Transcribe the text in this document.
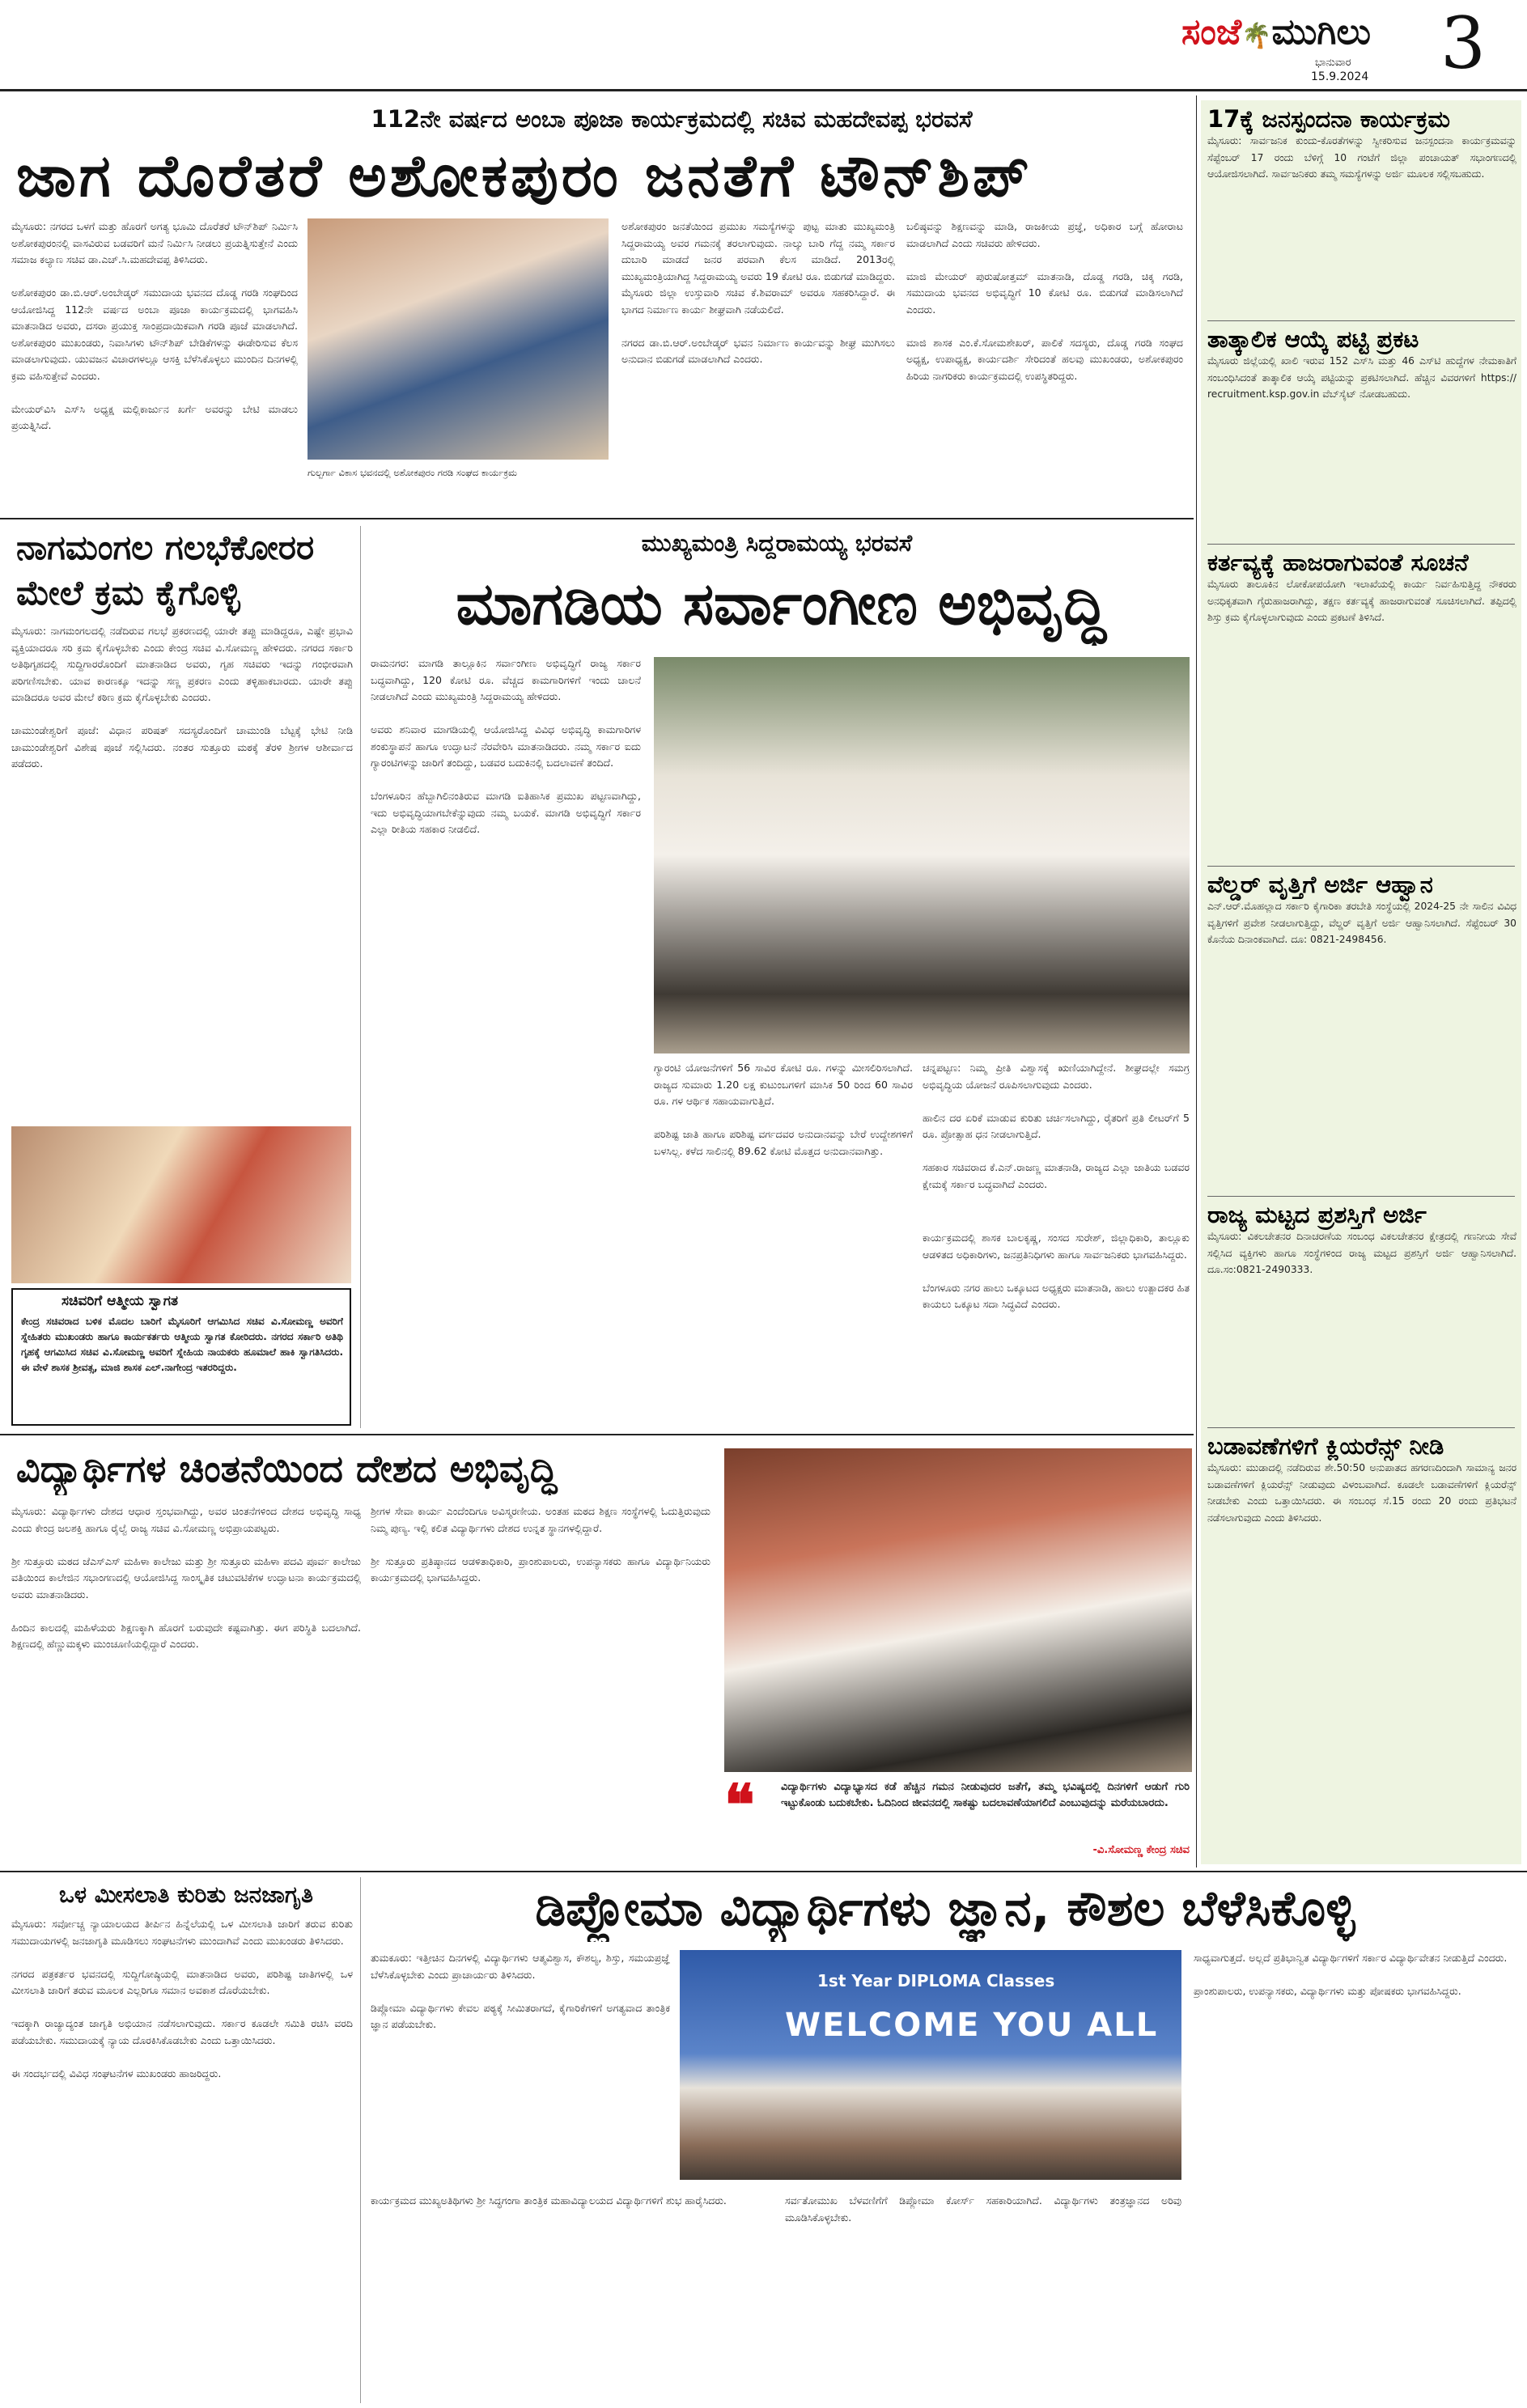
ಸಂಜೆ🌴ಮುಗಿಲು
ಭಾನುವಾರ
15.9.2024 3
112ನೇ ವರ್ಷದ ಅಂಬಾ ಪೂಜಾ ಕಾರ್ಯಕ್ರಮದಲ್ಲಿ ಸಚಿವ ಮಹದೇವಪ್ಪ ಭರವಸೆ
ಜಾಗ ದೊರೆತರೆ ಅಶೋಕಪುರಂ ಜನತೆಗೆ ಟೌನ್‌ಶಿಪ್
ಮೈಸೂರು: ನಗರದ ಒಳಗೆ ಮತ್ತು ಹೊರಗೆ ಅಗತ್ಯ ಭೂಮಿ ದೊರೆತರೆ ಟೌನ್‌ಶಿಪ್ ನಿರ್ಮಿಸಿ ಅಶೋಕಪುರಂನಲ್ಲಿ ವಾಸವಿರುವ ಬಡವರಿಗೆ ಮನೆ ನಿರ್ಮಿಸಿ ನೀಡಲು ಪ್ರಯತ್ನಿಸುತ್ತೇನೆ ಎಂದು ಸಮಾಜ ಕಲ್ಯಾಣ ಸಚಿವ ಡಾ.ಎಚ್.ಸಿ.ಮಹದೇವಪ್ಪ ತಿಳಿಸಿದರು.

ಅಶೋಕಪುರಂ ಡಾ.ಬಿ.ಆರ್.ಅಂಬೇಡ್ಕರ್ ಸಮುದಾಯ ಭವನದ ದೊಡ್ಡ ಗರಡಿ ಸಂಘದಿಂದ ಆಯೋಜಿಸಿದ್ದ 112ನೇ ವರ್ಷದ ಅಂಬಾ ಪೂಜಾ ಕಾರ್ಯಕ್ರಮದಲ್ಲಿ ಭಾಗವಹಿಸಿ ಮಾತನಾಡಿದ ಅವರು, ದಸರಾ ಪ್ರಯುಕ್ತ ಸಾಂಪ್ರದಾಯಿಕವಾಗಿ ಗರಡಿ ಪೂಜೆ ಮಾಡಲಾಗಿದೆ. ಅಶೋಕಪುರಂ ಮುಖಂಡರು, ನಿವಾಸಿಗಳು ಟೌನ್‌ಶಿಪ್ ಬೇಡಿಕೆಗಳನ್ನು ಈಡೇರಿಸುವ ಕೆಲಸ ಮಾಡಲಾಗುವುದು. ಯುವಜನ ವಿಚಾರಗಳಲ್ಲೂ ಆಸಕ್ತಿ ಬೆಳೆಸಿಕೊಳ್ಳಲು ಮುಂದಿನ ದಿನಗಳಲ್ಲಿ ಕ್ರಮ ವಹಿಸುತ್ತೇವೆ ಎಂದರು.

ಮೇಯರ್‌ವಿಸಿ ಎಸ್‌ಸಿ ಅಧ್ಯಕ್ಷ ಮಲ್ಲಿಕಾರ್ಜುನ ಖರ್ಗೆ ಅವರನ್ನು ಬೇಟಿ ಮಾಡಲು ಪ್ರಯತ್ನಿಸಿದೆ.
ಗುಲ್ಬರ್ಗಾ ವಿಕಾಸ ಭವನದಲ್ಲಿ ಅಶೋಕಪುರಂ ಗರಡಿ ಸಂಘದ ಕಾರ್ಯಕ್ರಮ
ಅಶೋಕಪುರಂ ಜನತೆಯಿಂದ ಪ್ರಮುಖ ಸಮಸ್ಯೆಗಳನ್ನು ಪುಟ್ಟ ಮಾತು ಮುಖ್ಯಮಂತ್ರಿ ಸಿದ್ದರಾಮಯ್ಯ ಅವರ ಗಮನಕ್ಕೆ ತರಲಾಗುವುದು. ನಾಲ್ಕು ಬಾರಿ ಗೆದ್ದ ನಮ್ಮ ಸರ್ಕಾರ ದುಬಾರಿ ಮಾಡದೆ ಜನರ ಪರವಾಗಿ ಕೆಲಸ ಮಾಡಿದೆ. 2013ರಲ್ಲಿ ಮುಖ್ಯಮಂತ್ರಿಯಾಗಿದ್ದ ಸಿದ್ದರಾಮಯ್ಯ ಅವರು 19 ಕೋಟಿ ರೂ. ಬಿಡುಗಡೆ ಮಾಡಿದ್ದರು. ಮೈಸೂರು ಜಿಲ್ಲಾ ಉಸ್ತುವಾರಿ ಸಚಿವ ಕೆ.ಶಿವರಾಮ್ ಅವರೂ ಸಹಕರಿಸಿದ್ದಾರೆ. ಈ ಭಾಗದ ನಿರ್ಮಾಣ ಕಾರ್ಯ ಶೀಘ್ರವಾಗಿ ನಡೆಯಲಿದೆ.

ನಗರದ ಡಾ.ಬಿ.ಆರ್.ಅಂಬೇಡ್ಕರ್ ಭವನ ನಿರ್ಮಾಣ ಕಾರ್ಯವನ್ನು ಶೀಘ್ರ ಮುಗಿಸಲು ಅನುದಾನ ಬಿಡುಗಡೆ ಮಾಡಲಾಗಿದೆ ಎಂದರು.
ಬಲಿಷ್ಠವನ್ನು ಶಿಕ್ಷಣವನ್ನು ಮಾಡಿ, ರಾಜಕೀಯ ಪ್ರಜ್ಞೆ, ಅಧಿಕಾರ ಬಗ್ಗೆ ಹೋರಾಟ ಮಾಡಲಾಗಿದೆ ಎಂದು ಸಚಿವರು ಹೇಳಿದರು.

ಮಾಜಿ ಮೇಯರ್ ಪುರುಷೋತ್ತಮ್ ಮಾತನಾಡಿ, ದೊಡ್ಡ ಗರಡಿ, ಚಿಕ್ಕ ಗರಡಿ, ಸಮುದಾಯ ಭವನದ ಅಭಿವೃದ್ಧಿಗೆ 10 ಕೋಟಿ ರೂ. ಬಿಡುಗಡೆ ಮಾಡಿಸಲಾಗಿದೆ ಎಂದರು.

ಮಾಜಿ ಶಾಸಕ ಎಂ.ಕೆ.ಸೋಮಶೇಖರ್, ಪಾಲಿಕೆ ಸದಸ್ಯರು, ದೊಡ್ಡ ಗರಡಿ ಸಂಘದ ಅಧ್ಯಕ್ಷ, ಉಪಾಧ್ಯಕ್ಷ, ಕಾರ್ಯದರ್ಶಿ ಸೇರಿದಂತೆ ಹಲವು ಮುಖಂಡರು, ಅಶೋಕಪುರಂ ಹಿರಿಯ ನಾಗರಿಕರು ಕಾರ್ಯಕ್ರಮದಲ್ಲಿ ಉಪಸ್ಥಿತರಿದ್ದರು.
ನಾಗಮಂಗಲ ಗಲಭೆಕೋರರ
ಮೇಲೆ ಕ್ರಮ ಕೈಗೊಳ್ಳಿ
ಮೈಸೂರು: ನಾಗಮಂಗಲದಲ್ಲಿ ನಡೆದಿರುವ ಗಲಭೆ ಪ್ರಕರಣದಲ್ಲಿ ಯಾರೇ ತಪ್ಪು ಮಾಡಿದ್ದರೂ, ಎಷ್ಟೇ ಪ್ರಭಾವಿ ವ್ಯಕ್ತಿಯಾದರೂ ಸರಿ ಕ್ರಮ ಕೈಗೊಳ್ಳಬೇಕು ಎಂದು ಕೇಂದ್ರ ಸಚಿವ ವಿ.ಸೋಮಣ್ಣ ಹೇಳಿದರು. ನಗರದ ಸರ್ಕಾರಿ ಅತಿಥಿಗೃಹದಲ್ಲಿ ಸುದ್ದಿಗಾರರೊಂದಿಗೆ ಮಾತನಾಡಿದ ಅವರು, ಗೃಹ ಸಚಿವರು ಇದನ್ನು ಗಂಭೀರವಾಗಿ ಪರಿಗಣಿಸಬೇಕು. ಯಾವ ಕಾರಣಕ್ಕೂ ಇದನ್ನು ಸಣ್ಣ ಪ್ರಕರಣ ಎಂದು ತಳ್ಳಿಹಾಕಬಾರದು. ಯಾರೇ ತಪ್ಪು ಮಾಡಿದರೂ ಅವರ ಮೇಲೆ ಕಠಿಣ ಕ್ರಮ ಕೈಗೊಳ್ಳಬೇಕು ಎಂದರು.

ಚಾಮುಂಡೇಶ್ವರಿಗೆ ಪೂಜೆ: ವಿಧಾನ ಪರಿಷತ್ ಸದಸ್ಯರೊಂದಿಗೆ ಚಾಮುಂಡಿ ಬೆಟ್ಟಕ್ಕೆ ಭೇಟಿ ನೀಡಿ ಚಾಮುಂಡೇಶ್ವರಿಗೆ ವಿಶೇಷ ಪೂಜೆ ಸಲ್ಲಿಸಿದರು. ನಂತರ ಸುತ್ತೂರು ಮಠಕ್ಕೆ ತೆರಳಿ ಶ್ರೀಗಳ ಆಶೀರ್ವಾದ ಪಡೆದರು.
ಸಚಿವರಿಗೆ ಆತ್ಮೀಯ ಸ್ವಾಗತ
ಕೇಂದ್ರ ಸಚಿವರಾದ ಬಳಿಕ ಮೊದಲ ಬಾರಿಗೆ ಮೈಸೂರಿಗೆ ಆಗಮಿಸಿದ ಸಚಿವ ವಿ.ಸೋಮಣ್ಣ ಅವರಿಗೆ ಸ್ನೇಹಿತರು ಮುಖಂಡರು ಹಾಗೂ ಕಾರ್ಯಕರ್ತರು ಆತ್ಮೀಯ ಸ್ವಾಗತ ಕೋರಿದರು. ನಗರದ ಸರ್ಕಾರಿ ಅತಿಥಿ ಗೃಹಕ್ಕೆ ಆಗಮಿಸಿದ ಸಚಿವ ವಿ.ಸೋಮಣ್ಣ ಅವರಿಗೆ ಸ್ನೇಹಿಯ ನಾಯಕರು ಹೂಮಾಲೆ ಹಾಕಿ ಸ್ವಾಗತಿಸಿದರು. ಈ ವೇಳೆ ಶಾಸಕ ಶ್ರೀವತ್ಸ, ಮಾಜಿ ಶಾಸಕ ಎಲ್.ನಾಗೇಂದ್ರ ಇತರರಿದ್ದರು.
ಮುಖ್ಯಮಂತ್ರಿ ಸಿದ್ದರಾಮಯ್ಯ ಭರವಸೆ
ಮಾಗಡಿಯ ಸರ್ವಾಂಗೀಣ ಅಭಿವೃದ್ಧಿ
ರಾಮನಗರ: ಮಾಗಡಿ ತಾಲ್ಲೂಕಿನ ಸರ್ವಾಂಗೀಣ ಅಭಿವೃದ್ಧಿಗೆ ರಾಜ್ಯ ಸರ್ಕಾರ ಬದ್ಧವಾಗಿದ್ದು, 120 ಕೋಟಿ ರೂ. ವೆಚ್ಚದ ಕಾಮಗಾರಿಗಳಿಗೆ ಇಂದು ಚಾಲನೆ ನೀಡಲಾಗಿದೆ ಎಂದು ಮುಖ್ಯಮಂತ್ರಿ ಸಿದ್ದರಾಮಯ್ಯ ಹೇಳಿದರು.

ಅವರು ಶನಿವಾರ ಮಾಗಡಿಯಲ್ಲಿ ಆಯೋಜಿಸಿದ್ದ ವಿವಿಧ ಅಭಿವೃದ್ಧಿ ಕಾಮಗಾರಿಗಳ ಶಂಕುಸ್ಥಾಪನೆ ಹಾಗೂ ಉದ್ಘಾಟನೆ ನೆರವೇರಿಸಿ ಮಾತನಾಡಿದರು. ನಮ್ಮ ಸರ್ಕಾರ ಐದು ಗ್ಯಾರಂಟಿಗಳನ್ನು ಜಾರಿಗೆ ತಂದಿದ್ದು, ಬಡವರ ಬದುಕಿನಲ್ಲಿ ಬದಲಾವಣೆ ತಂದಿದೆ.

ಬೆಂಗಳೂರಿನ ಹೆಬ್ಬಾಗಿಲಿನಂತಿರುವ ಮಾಗಡಿ ಐತಿಹಾಸಿಕ ಪ್ರಮುಖ ಪಟ್ಟಣವಾಗಿದ್ದು, ಇದು ಅಭಿವೃದ್ಧಿಯಾಗಬೇಕೆನ್ನುವುದು ನಮ್ಮ ಬಯಕೆ. ಮಾಗಡಿ ಅಭಿವೃದ್ಧಿಗೆ ಸರ್ಕಾರ ಎಲ್ಲಾ ರೀತಿಯ ಸಹಕಾರ ನೀಡಲಿದೆ.
ಗ್ಯಾರಂಟಿ ಯೋಜನೆಗಳಿಗೆ 56 ಸಾವಿರ ಕೋಟಿ ರೂ. ಗಳನ್ನು ಮೀಸಲಿರಿಸಲಾಗಿದೆ. ರಾಜ್ಯದ ಸುಮಾರು 1.20 ಲಕ್ಷ ಕುಟುಂಬಗಳಿಗೆ ಮಾಸಿಕ 50 ರಿಂದ 60 ಸಾವಿರ ರೂ. ಗಳ ಆರ್ಥಿಕ ಸಹಾಯವಾಗುತ್ತಿದೆ.

ಪರಿಶಿಷ್ಟ ಜಾತಿ ಹಾಗೂ ಪರಿಶಿಷ್ಟ ವರ್ಗದವರ ಅನುದಾನವನ್ನು ಬೇರೆ ಉದ್ದೇಶಗಳಿಗೆ ಬಳಸಿಲ್ಲ. ಕಳೆದ ಸಾಲಿನಲ್ಲಿ 89.62 ಕೋಟಿ ಮೊತ್ತದ ಅನುದಾನವಾಗಿತ್ತು.
ಚನ್ನಪಟ್ಟಣ: ನಿಮ್ಮ ಪ್ರೀತಿ ವಿಶ್ವಾಸಕ್ಕೆ ಋಣಿಯಾಗಿದ್ದೇನೆ. ಶೀಘ್ರದಲ್ಲೇ ಸಮಗ್ರ ಅಭಿವೃದ್ಧಿಯ ಯೋಜನೆ ರೂಪಿಸಲಾಗುವುದು ಎಂದರು.

ಹಾಲಿನ ದರ ಏರಿಕೆ ಮಾಡುವ ಕುರಿತು ಚರ್ಚಿಸಲಾಗಿದ್ದು, ರೈತರಿಗೆ ಪ್ರತಿ ಲೀಟರ್‌ಗೆ 5 ರೂ. ಪ್ರೋತ್ಸಾಹ ಧನ ನೀಡಲಾಗುತ್ತಿದೆ.

ಸಹಕಾರ ಸಚಿವರಾದ ಕೆ.ಎನ್.ರಾಜಣ್ಣ ಮಾತನಾಡಿ, ರಾಜ್ಯದ ಎಲ್ಲಾ ಜಾತಿಯ ಬಡವರ ಕ್ಷೇಮಕ್ಕೆ ಸರ್ಕಾರ ಬದ್ಧವಾಗಿದೆ ಎಂದರು.
ಕಾರ್ಯಕ್ರಮದಲ್ಲಿ ಶಾಸಕ ಬಾಲಕೃಷ್ಣ, ಸಂಸದ ಸುರೇಶ್, ಜಿಲ್ಲಾಧಿಕಾರಿ, ತಾಲ್ಲೂಕು ಆಡಳಿತದ ಅಧಿಕಾರಿಗಳು, ಜನಪ್ರತಿನಿಧಿಗಳು ಹಾಗೂ ಸಾರ್ವಜನಿಕರು ಭಾಗವಹಿಸಿದ್ದರು.

ಬೆಂಗಳೂರು ನಗರ ಹಾಲು ಒಕ್ಕೂಟದ ಅಧ್ಯಕ್ಷರು ಮಾತನಾಡಿ, ಹಾಲು ಉತ್ಪಾದಕರ ಹಿತ ಕಾಯಲು ಒಕ್ಕೂಟ ಸದಾ ಸಿದ್ಧವಿದೆ ಎಂದರು.
ವಿದ್ಯಾರ್ಥಿಗಳ ಚಿಂತನೆಯಿಂದ ದೇಶದ ಅಭಿವೃದ್ಧಿ
ಮೈಸೂರು: ವಿದ್ಯಾರ್ಥಿಗಳು ದೇಶದ ಆಧಾರ ಸ್ತಂಭವಾಗಿದ್ದು, ಅವರ ಚಿಂತನೆಗಳಿಂದ ದೇಶದ ಅಭಿವೃದ್ಧಿ ಸಾಧ್ಯ ಎಂದು ಕೇಂದ್ರ ಜಲಶಕ್ತಿ ಹಾಗೂ ರೈಲ್ವೆ ರಾಜ್ಯ ಸಚಿವ ವಿ.ಸೋಮಣ್ಣ ಅಭಿಪ್ರಾಯಪಟ್ಟರು.

ಶ್ರೀ ಸುತ್ತೂರು ಮಠದ ಜೆಎಸ್‌ಎಸ್ ಮಹಿಳಾ ಕಾಲೇಜು ಮತ್ತು ಶ್ರೀ ಸುತ್ತೂರು ಮಹಿಳಾ ಪದವಿ ಪೂರ್ವ ಕಾಲೇಜು ವತಿಯಿಂದ ಕಾಲೇಜಿನ ಸಭಾಂಗಣದಲ್ಲಿ ಆಯೋಜಿಸಿದ್ದ ಸಾಂಸ್ಕೃತಿಕ ಚಟುವಟಿಕೆಗಳ ಉದ್ಘಾಟನಾ ಕಾರ್ಯಕ್ರಮದಲ್ಲಿ ಅವರು ಮಾತನಾಡಿದರು.

ಹಿಂದಿನ ಕಾಲದಲ್ಲಿ ಮಹಿಳೆಯರು ಶಿಕ್ಷಣಕ್ಕಾಗಿ ಹೊರಗೆ ಬರುವುದೇ ಕಷ್ಟವಾಗಿತ್ತು. ಈಗ ಪರಿಸ್ಥಿತಿ ಬದಲಾಗಿದೆ. ಶಿಕ್ಷಣದಲ್ಲಿ ಹೆಣ್ಣುಮಕ್ಕಳು ಮುಂಚೂಣಿಯಲ್ಲಿದ್ದಾರೆ ಎಂದರು.
ಶ್ರೀಗಳ ಸೇವಾ ಕಾರ್ಯ ಎಂದೆಂದಿಗೂ ಅವಿಸ್ಮರಣೀಯ. ಅಂತಹ ಮಠದ ಶಿಕ್ಷಣ ಸಂಸ್ಥೆಗಳಲ್ಲಿ ಓದುತ್ತಿರುವುದು ನಿಮ್ಮ ಪುಣ್ಯ. ಇಲ್ಲಿ ಕಲಿತ ವಿದ್ಯಾರ್ಥಿಗಳು ದೇಶದ ಉನ್ನತ ಸ್ಥಾನಗಳಲ್ಲಿದ್ದಾರೆ.

ಶ್ರೀ ಸುತ್ತೂರು ಪ್ರತಿಷ್ಠಾನದ ಆಡಳಿತಾಧಿಕಾರಿ, ಪ್ರಾಂಶುಪಾಲರು, ಉಪನ್ಯಾಸಕರು ಹಾಗೂ ವಿದ್ಯಾರ್ಥಿನಿಯರು ಕಾರ್ಯಕ್ರಮದಲ್ಲಿ ಭಾಗವಹಿಸಿದ್ದರು.
❝ ವಿದ್ಯಾರ್ಥಿಗಳು ವಿದ್ಯಾಭ್ಯಾಸದ ಕಡೆ ಹೆಚ್ಚಿನ ಗಮನ ನೀಡುವುದರ ಜತೆಗೆ, ತಮ್ಮ ಭವಿಷ್ಯದಲ್ಲಿ ದಿನಗಳಿಗೆ ಆಡುಗೆ ಗುರಿ ಇಟ್ಟುಕೊಂಡು ಬದುಕಬೇಕು. ಓದಿನಿಂದ ಜೀವನದಲ್ಲಿ ಸಾಕಷ್ಟು ಬದಲಾವಣೆಯಾಗಲಿದೆ ಎಂಬುವುದನ್ನು ಮರೆಯಬಾರದು.
-ವಿ.ಸೋಮಣ್ಣ ಕೇಂದ್ರ ಸಚಿವ
ಒಳ ಮೀಸಲಾತಿ ಕುರಿತು ಜನಜಾಗೃತಿ
ಮೈಸೂರು: ಸರ್ವೋಚ್ಚ ನ್ಯಾಯಾಲಯದ ತೀರ್ಪಿನ ಹಿನ್ನೆಲೆಯಲ್ಲಿ ಒಳ ಮೀಸಲಾತಿ ಜಾರಿಗೆ ತರುವ ಕುರಿತು ಸಮುದಾಯಗಳಲ್ಲಿ ಜನಜಾಗೃತಿ ಮೂಡಿಸಲು ಸಂಘಟನೆಗಳು ಮುಂದಾಗಿವೆ ಎಂದು ಮುಖಂಡರು ತಿಳಿಸಿದರು.

ನಗರದ ಪತ್ರಕರ್ತರ ಭವನದಲ್ಲಿ ಸುದ್ದಿಗೋಷ್ಠಿಯಲ್ಲಿ ಮಾತನಾಡಿದ ಅವರು, ಪರಿಶಿಷ್ಟ ಜಾತಿಗಳಲ್ಲಿ ಒಳ ಮೀಸಲಾತಿ ಜಾರಿಗೆ ತರುವ ಮೂಲಕ ಎಲ್ಲರಿಗೂ ಸಮಾನ ಅವಕಾಶ ದೊರೆಯಬೇಕು.

ಇದಕ್ಕಾಗಿ ರಾಜ್ಯಾದ್ಯಂತ ಜಾಗೃತಿ ಅಭಿಯಾನ ನಡೆಸಲಾಗುವುದು. ಸರ್ಕಾರ ಕೂಡಲೇ ಸಮಿತಿ ರಚಿಸಿ ವರದಿ ಪಡೆಯಬೇಕು. ಸಮುದಾಯಕ್ಕೆ ನ್ಯಾಯ ದೊರಕಿಸಿಕೊಡಬೇಕು ಎಂದು ಒತ್ತಾಯಿಸಿದರು.

ಈ ಸಂದರ್ಭದಲ್ಲಿ ವಿವಿಧ ಸಂಘಟನೆಗಳ ಮುಖಂಡರು ಹಾಜರಿದ್ದರು.
ಡಿಪ್ಲೋಮಾ ವಿದ್ಯಾರ್ಥಿಗಳು ಜ್ಞಾನ, ಕೌಶಲ ಬೆಳೆಸಿಕೊಳ್ಳಿ
ತುಮಕೂರು: ಇತ್ತೀಚಿನ ದಿನಗಳಲ್ಲಿ ವಿದ್ಯಾರ್ಥಿಗಳು ಆತ್ಮವಿಶ್ವಾಸ, ಕೌಶಲ್ಯ, ಶಿಸ್ತು, ಸಮಯಪ್ರಜ್ಞೆ ಬೆಳೆಸಿಕೊಳ್ಳಬೇಕು ಎಂದು ಪ್ರಾಚಾರ್ಯರು ತಿಳಿಸಿದರು.

ಡಿಪ್ಲೋಮಾ ವಿದ್ಯಾರ್ಥಿಗಳು ಕೇವಲ ಪಠ್ಯಕ್ಕೆ ಸೀಮಿತರಾಗದೆ, ಕೈಗಾರಿಕೆಗಳಿಗೆ ಅಗತ್ಯವಾದ ತಾಂತ್ರಿಕ ಜ್ಞಾನ ಪಡೆಯಬೇಕು.
1st Year DIPLOMA Classes
WELCOME YOU ALL
ಸಾಧ್ಯವಾಗುತ್ತದೆ. ಅಲ್ಲದೆ ಪ್ರತಿಭಾನ್ವಿತ ವಿದ್ಯಾರ್ಥಿಗಳಿಗೆ ಸರ್ಕಾರ ವಿದ್ಯಾರ್ಥಿವೇತನ ನೀಡುತ್ತಿದೆ ಎಂದರು.

ಪ್ರಾಂಶುಪಾಲರು, ಉಪನ್ಯಾಸಕರು, ವಿದ್ಯಾರ್ಥಿಗಳು ಮತ್ತು ಪೋಷಕರು ಭಾಗವಹಿಸಿದ್ದರು.
ಕಾರ್ಯಕ್ರಮದ ಮುಖ್ಯಅತಿಥಿಗಳು ಶ್ರೀ ಸಿದ್ಧಗಂಗಾ ತಾಂತ್ರಿಕ ಮಹಾವಿದ್ಯಾಲಯದ ವಿದ್ಯಾರ್ಥಿಗಳಿಗೆ ಶುಭ ಹಾರೈಸಿದರು.	ಸರ್ವತೋಮುಖ ಬೆಳವಣಿಗೆಗೆ ಡಿಪ್ಲೋಮಾ ಕೋರ್ಸ್ ಸಹಕಾರಿಯಾಗಿದೆ. ವಿದ್ಯಾರ್ಥಿಗಳು ತಂತ್ರಜ್ಞಾನದ ಅರಿವು ಮೂಡಿಸಿಕೊಳ್ಳಬೇಕು.
17ಕ್ಕೆ ಜನಸ್ಪಂದನಾ ಕಾರ್ಯಕ್ರಮ
ಮೈಸೂರು: ಸಾರ್ವಜನಿಕ ಕುಂದು-ಕೊರತೆಗಳನ್ನು ಸ್ವೀಕರಿಸುವ ಜನಸ್ಪಂದನಾ ಕಾರ್ಯಕ್ರಮವನ್ನು ಸೆಪ್ಟೆಂಬರ್ 17 ರಂದು ಬೆಳಿಗ್ಗೆ 10 ಗಂಟೆಗೆ ಜಿಲ್ಲಾ ಪಂಚಾಯತ್ ಸಭಾಂಗಣದಲ್ಲಿ ಆಯೋಜಿಸಲಾಗಿದೆ. ಸಾರ್ವಜನಿಕರು ತಮ್ಮ ಸಮಸ್ಯೆಗಳನ್ನು ಅರ್ಜಿ ಮೂಲಕ ಸಲ್ಲಿಸಬಹುದು.
ತಾತ್ಕಾಲಿಕ ಆಯ್ಕೆ ಪಟ್ಟಿ ಪ್ರಕಟ
ಮೈಸೂರು ಜಿಲ್ಲೆಯಲ್ಲಿ ಖಾಲಿ ಇರುವ 152 ಎಸ್‌ಸಿ ಮತ್ತು 46 ಎಸ್‌ಟಿ ಹುದ್ದೆಗಳ ನೇಮಕಾತಿಗೆ ಸಂಬಂಧಿಸಿದಂತೆ ತಾತ್ಕಾಲಿಕ ಆಯ್ಕೆ ಪಟ್ಟಿಯನ್ನು ಪ್ರಕಟಿಸಲಾಗಿದೆ. ಹೆಚ್ಚಿನ ವಿವರಗಳಿಗೆ https:// recruitment.ksp.gov.in ವೆಬ್‌ಸೈಟ್ ನೋಡಬಹುದು.
ಕರ್ತವ್ಯಕ್ಕೆ ಹಾಜರಾಗುವಂತೆ ಸೂಚನೆ
ಮೈಸೂರು ತಾಲೂಕಿನ ಲೋಕೋಪಯೋಗಿ ಇಲಾಖೆಯಲ್ಲಿ ಕಾರ್ಯ ನಿರ್ವಹಿಸುತ್ತಿದ್ದ ನೌಕರರು ಅನಧಿಕೃತವಾಗಿ ಗೈರುಹಾಜರಾಗಿದ್ದು, ತಕ್ಷಣ ಕರ್ತವ್ಯಕ್ಕೆ ಹಾಜರಾಗುವಂತೆ ಸೂಚಿಸಲಾಗಿದೆ. ತಪ್ಪಿದಲ್ಲಿ ಶಿಸ್ತು ಕ್ರಮ ಕೈಗೊಳ್ಳಲಾಗುವುದು ಎಂದು ಪ್ರಕಟಣೆ ತಿಳಿಸಿದೆ.
ವೆಲ್ಡರ್ ವೃತ್ತಿಗೆ ಅರ್ಜಿ ಆಹ್ವಾನ
ಎನ್.ಆರ್.ಮೊಹಲ್ಲಾದ ಸರ್ಕಾರಿ ಕೈಗಾರಿಕಾ ತರಬೇತಿ ಸಂಸ್ಥೆಯಲ್ಲಿ 2024-25 ನೇ ಸಾಲಿನ ವಿವಿಧ ವೃತ್ತಿಗಳಿಗೆ ಪ್ರವೇಶ ನೀಡಲಾಗುತ್ತಿದ್ದು, ವೆಲ್ಡರ್ ವೃತ್ತಿಗೆ ಅರ್ಜಿ ಆಹ್ವಾನಿಸಲಾಗಿದೆ. ಸೆಪ್ಟೆಂಬರ್ 30 ಕೊನೆಯ ದಿನಾಂಕವಾಗಿದೆ. ದೂ: 0821-2498456.
ರಾಜ್ಯ ಮಟ್ಟದ ಪ್ರಶಸ್ತಿಗೆ ಅರ್ಜಿ
ಮೈಸೂರು: ವಿಕಲಚೇತನರ ದಿನಾಚರಣೆಯ ಸಂಬಂಧ ವಿಕಲಚೇತನರ ಕ್ಷೇತ್ರದಲ್ಲಿ ಗಣನೀಯ ಸೇವೆ ಸಲ್ಲಿಸಿದ ವ್ಯಕ್ತಿಗಳು ಹಾಗೂ ಸಂಸ್ಥೆಗಳಿಂದ ರಾಜ್ಯ ಮಟ್ಟದ ಪ್ರಶಸ್ತಿಗೆ ಅರ್ಜಿ ಆಹ್ವಾನಿಸಲಾಗಿದೆ. ದೂ.ಸಂ:0821-2490333.
ಬಡಾವಣೆಗಳಿಗೆ ಕ್ಲಿಯರೆನ್ಸ್ ನೀಡಿ
ಮೈಸೂರು: ಮುಡಾದಲ್ಲಿ ನಡೆದಿರುವ ಶೇ.50:50 ಅನುಪಾತದ ಹಗರಣದಿಂದಾಗಿ ಸಾಮಾನ್ಯ ಜನರ ಬಡಾವಣೆಗಳಿಗೆ ಕ್ಲಿಯರೆನ್ಸ್ ನೀಡುವುದು ವಿಳಂಬವಾಗಿದೆ. ಕೂಡಲೇ ಬಡಾವಣೆಗಳಿಗೆ ಕ್ಲಿಯರೆನ್ಸ್ ನೀಡಬೇಕು ಎಂದು ಒತ್ತಾಯಿಸಿದರು. ಈ ಸಂಬಂಧ ಸೆ.15 ರಂದು 20 ರಂದು ಪ್ರತಿಭಟನೆ ನಡೆಸಲಾಗುವುದು ಎಂದು ತಿಳಿಸಿದರು.
